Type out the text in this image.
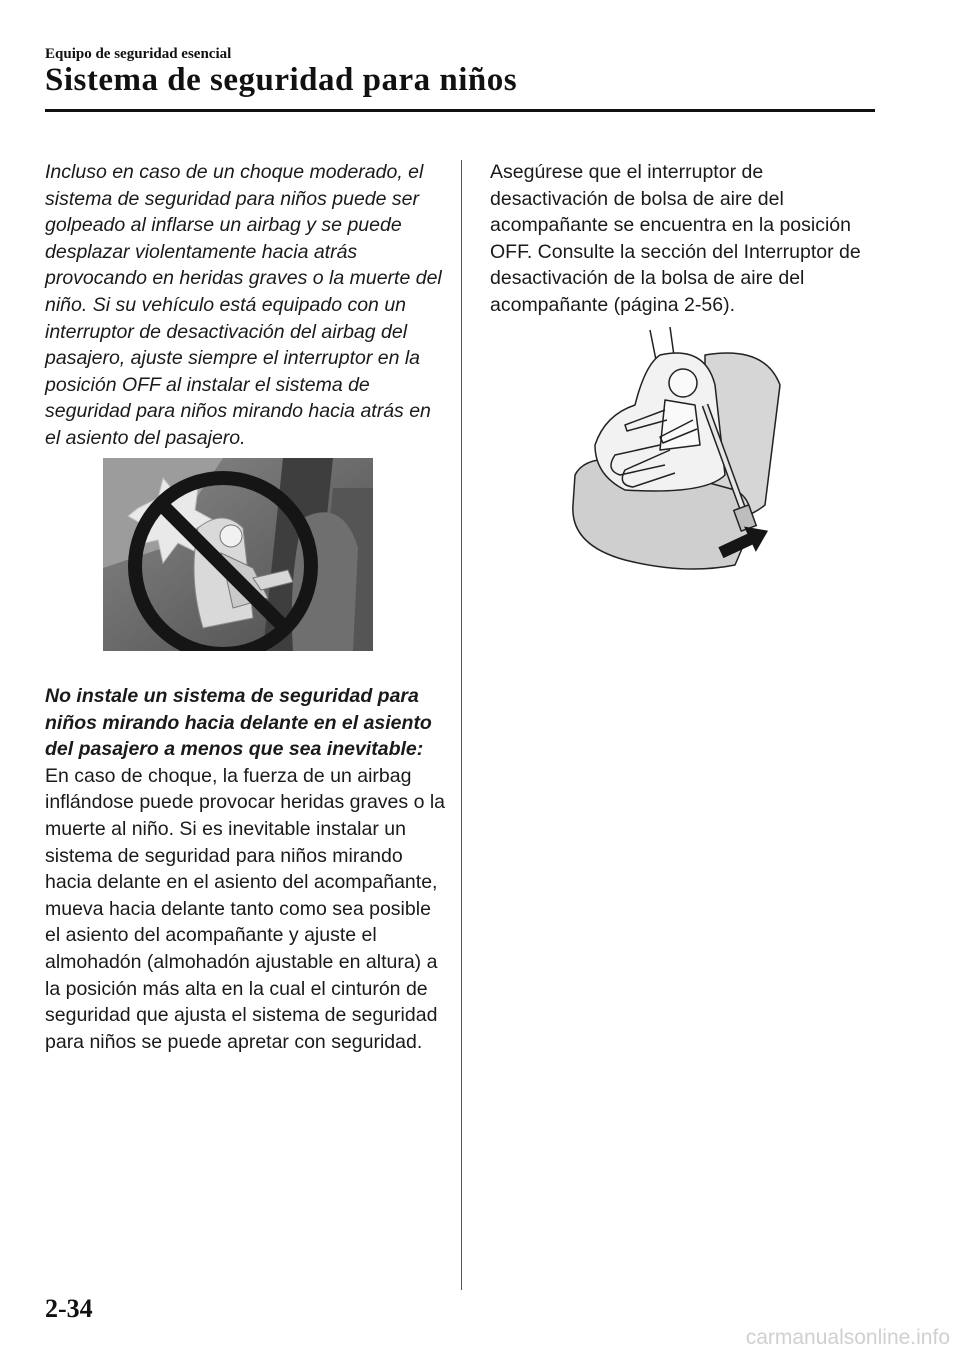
Equipo de seguridad esencial
Sistema de seguridad para niños
Incluso en caso de un choque moderado, el sistema de seguridad para niños puede ser golpeado al inflarse un airbag y se puede desplazar violentamente hacia atrás provocando en heridas graves o la muerte del niño. Si su vehículo está equipado con un interruptor de desactivación del airbag del pasajero, ajuste siempre el interruptor en la posición OFF al instalar el sistema de seguridad para niños mirando hacia atrás en el asiento del pasajero.
No instale un sistema de seguridad para niños mirando hacia delante en el asiento del pasajero a menos que sea inevitable:
En caso de choque, la fuerza de un airbag inflándose puede provocar heridas graves o la muerte al niño. Si es inevitable instalar un sistema de seguridad para niños mirando hacia delante en el asiento del acompañante, mueva hacia delante tanto como sea posible el asiento del acompañante y ajuste el almohadón (almohadón ajustable en altura) a la posición más alta en la cual el cinturón de seguridad que ajusta el sistema de seguridad para niños se puede apretar con seguridad.
Asegúrese que el interruptor de desactivación de bolsa de aire del acompañante se encuentra en la posición OFF. Consulte la sección del Interruptor de desactivación de la bolsa de aire del acompañante (página 2-56).
2-34
carmanualsonline.info
